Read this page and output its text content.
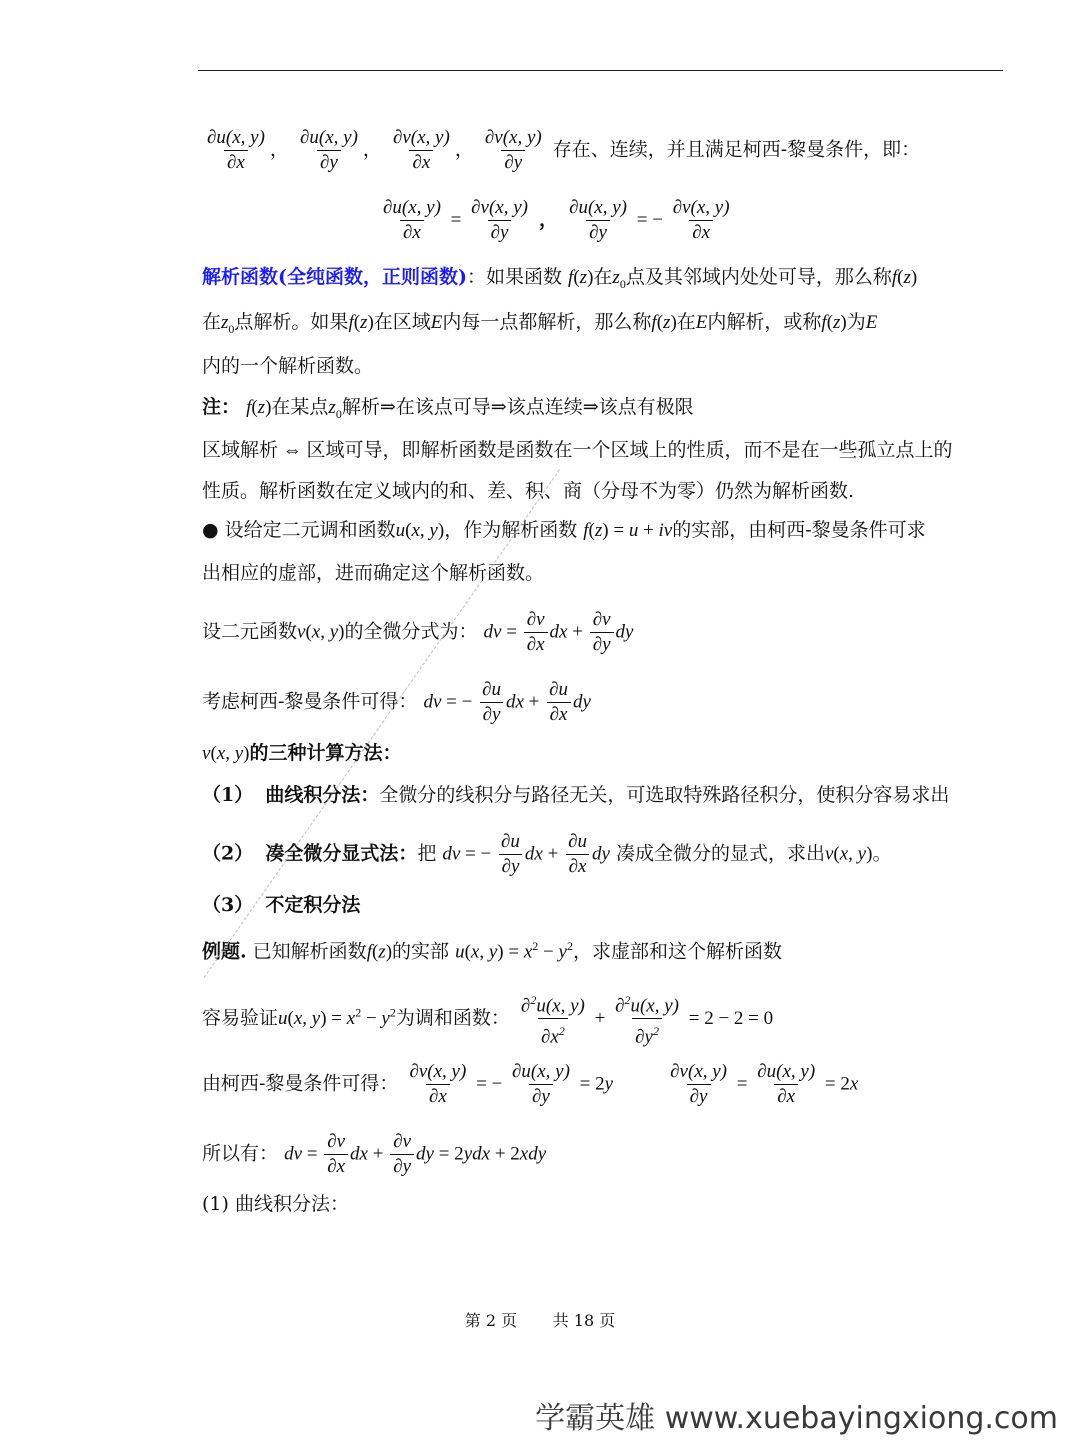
$\frac{\partial u(x, y)}{\partial x}$ ， $\frac{\partial u(x, y)}{\partial y}$ ， $\frac{\partial v(x, y)}{\partial x}$ ， $\frac{\partial v(x, y)}{\partial y}$ 存在、连续，并且满足柯西-黎曼条件，即：
$\frac{\partial u(x, y)}{\partial x} = \frac{\partial v(x, y)}{\partial y}$ ， $\frac{\partial u(x, y)}{\partial y}$ = − $\frac{\partial v(x, y)}{\partial x}$
解析函数(全纯函数，正则函数)：如果函数 f(z)在$z_0$点及其邻域内处处可导，那么称f(z)
在$z_0$点解析。如果f(z)在区域E内每一点都解析，那么称f(z)在E内解析，或称f(z)为E
内的一个解析函数。
注： f(z)在某点$z_0$解析⇒在该点可导⇒该点连续⇒该点有极限
区域解析 ⇔ 区域可导，即解析函数是函数在一个区域上的性质，而不是在一些孤立点上的
性质。解析函数在定义域内的和、差、积、商（分母不为零）仍然为解析函数.
● 设给定二元调和函数u(x, y)，作为解析函数 f(z) = u + iv的实部，由柯西-黎曼条件可求
出相应的虚部，进而确定这个解析函数。
设二元函数v(x, y)的全微分式为： dv = $\frac{\partial v}{\partial x}$ dx + $\frac{\partial v}{\partial y}$ dy
考虑柯西-黎曼条件可得： dv = − $\frac{\partial u}{\partial y}$ dx + $\frac{\partial u}{\partial x}$ dy
v(x, y)的三种计算方法：
（1） 曲线积分法：全微分的线积分与路径无关，可选取特殊路径积分，使积分容易求出
（2） 凑全微分显式法：把 dv = − $\frac{\partial u}{\partial y}$ dx + $\frac{\partial u}{\partial x}$ dy 凑成全微分的显式，求出v(x, y)。
（3） 不定积分法
例题. 已知解析函数f(z)的实部 u(x, $y) = x^2 - y^2$，求虚部和这个解析函数
容易验证u(x, $y) = x^2 - y^2$为调和函数： $\frac{\partial^2u(x, y)}{\partial x^2} + \frac{\partial^2u(x, y)}{\partial y^2} = 2 - 2 = 0$
由柯西-黎曼条件可得： $\frac{\partial v(x, y)}{\partial x}$ = − $\frac{\partial u(x, y)}{\partial y} = 2y$	$\frac{\partial v(x, y)}{\partial y} = \frac{\partial u(x, y)}{\partial x} = 2x$
所以有： dv = $\frac{\partial v}{\partial x}$ dx + $\frac{\partial v}{\partial y}$ dy = 2ydx + 2xdy
(1) 曲线积分法：
第 2 页 共 18 页
学霸英雄 www.xuebayingxiong.com
